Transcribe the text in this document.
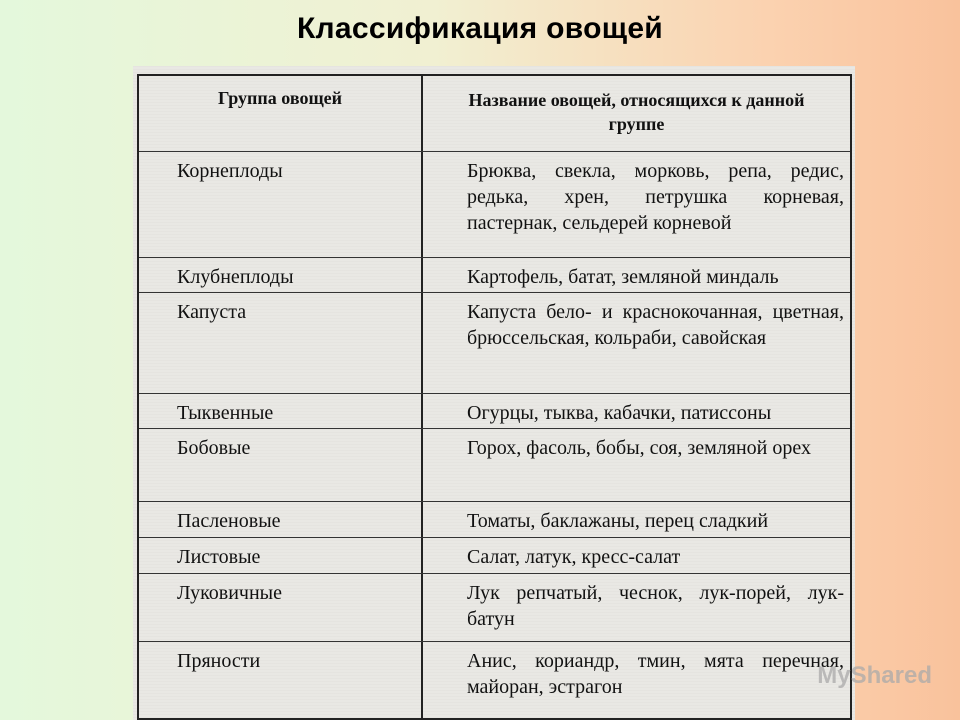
Классификация овощей
Группа овощей	Название овощей, относящихся к данной группе
Корнеплоды	Брюква, свекла, морковь, репа, редис, редька, хрен, петрушка корневая, пастернак, сельдерей корневой
Клубнеплоды	Картофель, батат, земляной миндаль
Капуста	Капуста бело- и краснокочанная, цветная, брюссельская, кольраби, савойская
Тыквенные	Огурцы, тыква, кабачки, патиссоны
Бобовые	Горох, фасоль, бобы, соя, земляной орех
Пасленовые	Томаты, баклажаны, перец сладкий
Листовые	Салат, латук, кресс-салат
Луковичные	Лук репчатый, чеснок, лук-порей, лук-батун
Пряности	Анис, кориандр, тмин, мята перечная, майоран, эстрагон	MyShared
